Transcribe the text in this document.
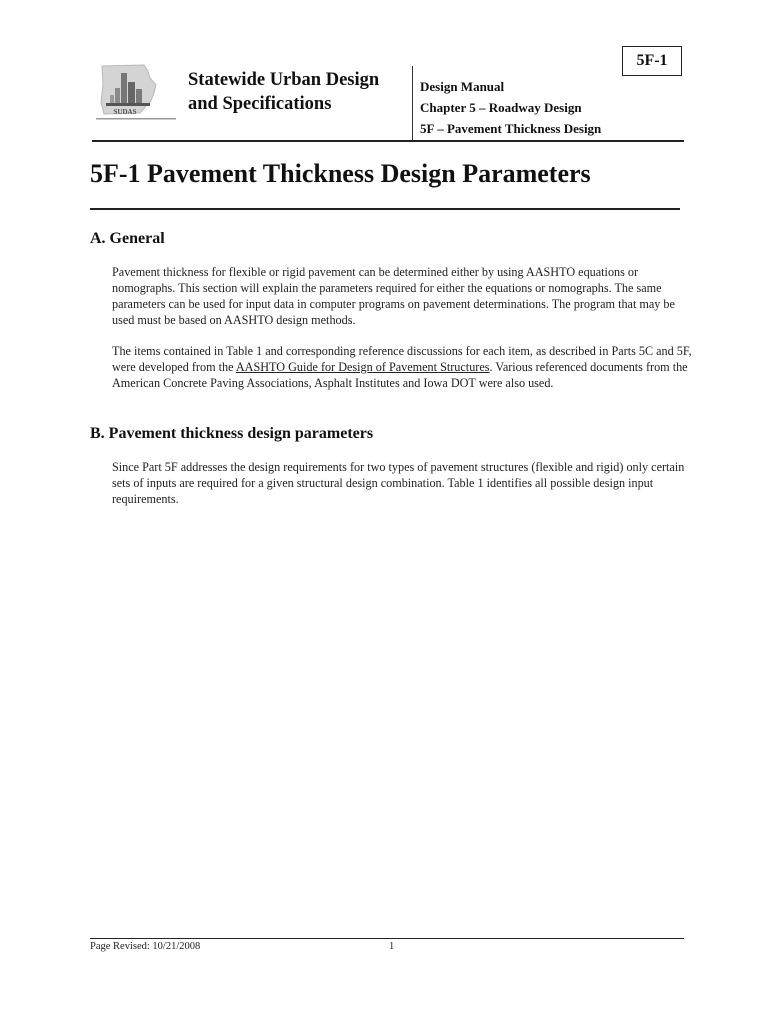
5F-1
SUDAS
Statewide Urban Design and Specifications
Design Manual
Chapter 5 – Roadway Design
5F – Pavement Thickness Design
5F-1 Pavement Thickness Design Parameters
A. General

Pavement thickness for flexible or rigid pavement can be determined either by using AASHTO equations or nomographs. This section will explain the parameters required for either the equations or nomographs. The same parameters can be used for input data in computer programs on pavement determinations. The program that may be used must be based on AASHTO design methods.

The items contained in Table 1 and corresponding reference discussions for each item, as described in Parts 5C and 5F, were developed from the AASHTO Guide for Design of Pavement Structures. Various referenced documents from the American Concrete Paving Associations, Asphalt Institutes and Iowa DOT were also used.

B. Pavement thickness design parameters

Since Part 5F addresses the design requirements for two types of pavement structures (flexible and rigid) only certain sets of inputs are required for a given structural design combination. Table 1 identifies all possible design input requirements.

Page Revised: 10/21/2008	1
